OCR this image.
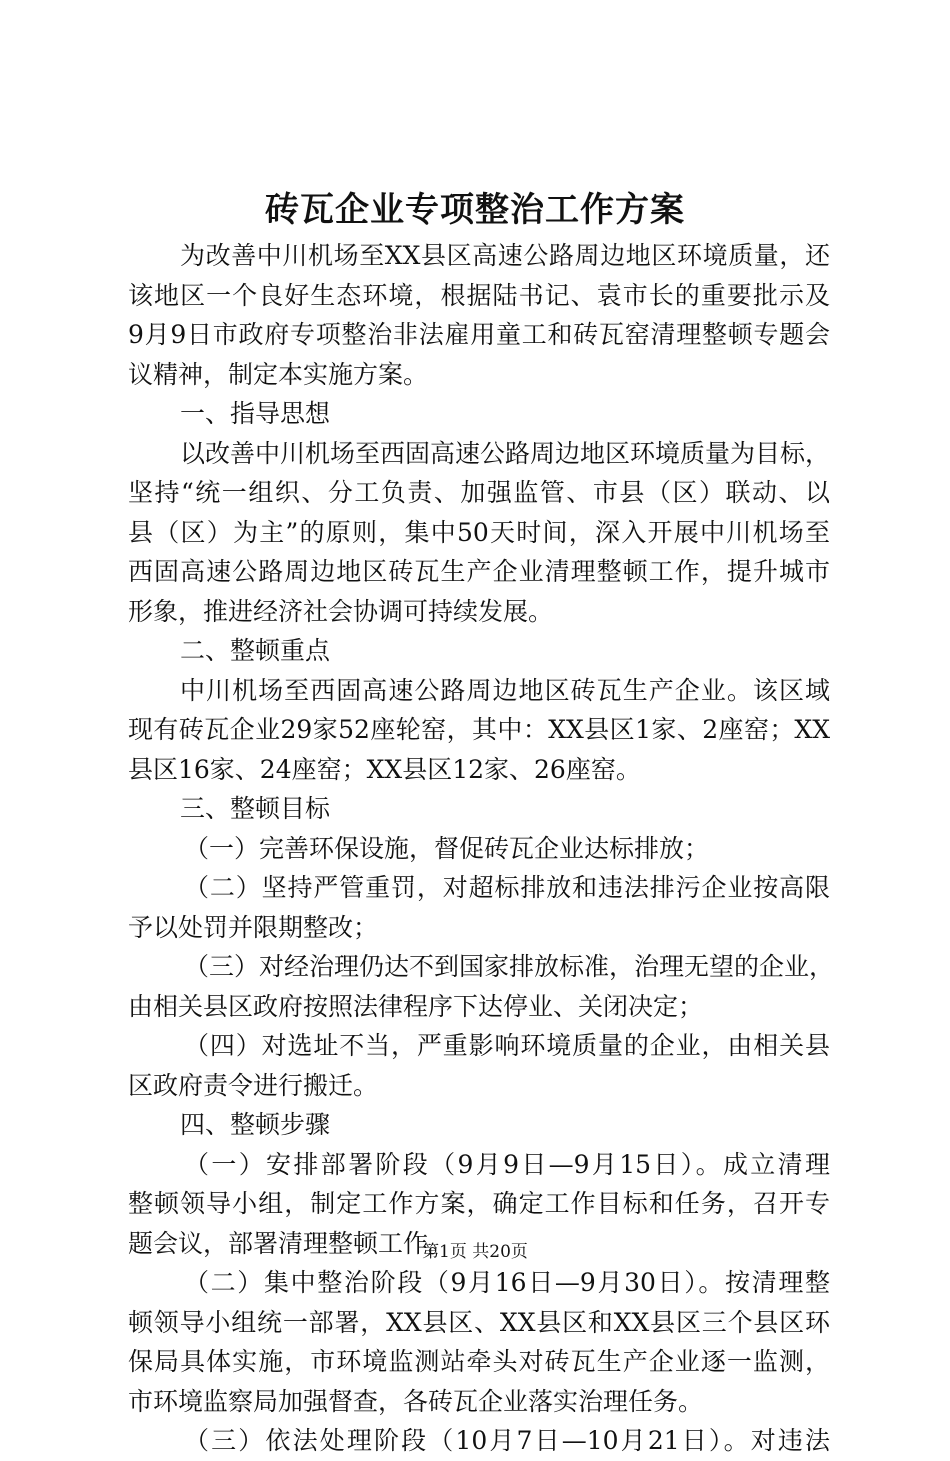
砖瓦企业专项整治工作方案
为改善中川机场至XX县区高速公路周边地区环境质量，还
该地区一个良好生态环境，根据陆书记、袁市长的重要批示及
9月9日市政府专项整治非法雇用童工和砖瓦窑清理整顿专题会
议精神，制定本实施方案。
一、指导思想
以改善中川机场至西固高速公路周边地区环境质量为目标，
坚持“统一组织、分工负责、加强监管、市县（区）联动、以
县（区）为主”的原则，集中50天时间，深入开展中川机场至
西固高速公路周边地区砖瓦生产企业清理整顿工作，提升城市
形象，推进经济社会协调可持续发展。
二、整顿重点
中川机场至西固高速公路周边地区砖瓦生产企业。该区域
现有砖瓦企业29家52座轮窑，其中：XX县区1家、2座窑；XX
县区16家、24座窑；XX县区12家、26座窑。
三、整顿目标
（一）完善环保设施，督促砖瓦企业达标排放；
（二）坚持严管重罚，对超标排放和违法排污企业按高限
予以处罚并限期整改；
（三）对经治理仍达不到国家排放标准，治理无望的企业，
由相关县区政府按照法律程序下达停业、关闭决定；
（四）对选址不当，严重影响环境质量的企业，由相关县
区政府责令进行搬迁。
四、整顿步骤
（一）安排部署阶段（9月9日—9月15日）。成立清理
整顿领导小组，制定工作方案，确定工作目标和任务，召开专
题会议，部署清理整顿工作。
（二）集中整治阶段（9月16日—9月30日）。按清理整
顿领导小组统一部署，XX县区、XX县区和XX县区三个县区环
保局具体实施，市环境监测站牵头对砖瓦生产企业逐一监测，
市环境监察局加强督查，各砖瓦企业落实治理任务。
（三）依法处理阶段（10月7日—10月21日）。对违法
第1页 共20页
